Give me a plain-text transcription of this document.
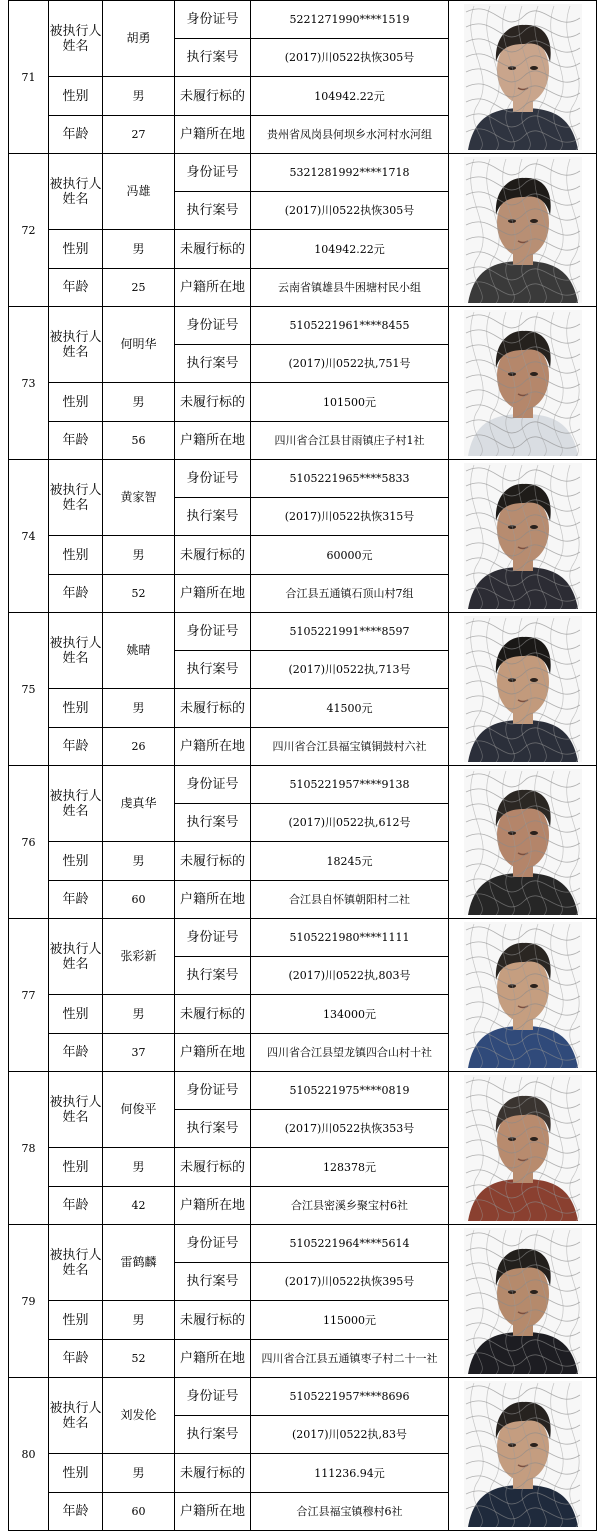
71	被执行人姓名	胡勇	身份证号	5221271990****1519	

			执行案号	(2017)川0522执恢305号	
	性别	男	未履行标的	104942.22元	
	年龄	27	户籍所在地	贵州省凤岗县何坝乡水河村水河组	
72	被执行人姓名	冯雄	身份证号	5321281992****1718	

			执行案号	(2017)川0522执恢305号	
	性别	男	未履行标的	104942.22元	
	年龄	25	户籍所在地	云南省镇雄县牛困塘村民小组	
73	被执行人姓名	何明华	身份证号	5105221961****8455	

			执行案号	(2017)川0522执,751号	
	性别	男	未履行标的	101500元	
	年龄	56	户籍所在地	四川省合江县甘雨镇庄子村1社	
74	被执行人姓名	黄家智	身份证号	5105221965****5833	

			执行案号	(2017)川0522执恢315号	
	性别	男	未履行标的	60000元	
	年龄	52	户籍所在地	合江县五通镇石顶山村7组	
75	被执行人姓名	姚晴	身份证号	5105221991****8597	

			执行案号	(2017)川0522执,713号	
	性别	男	未履行标的	41500元	
	年龄	26	户籍所在地	四川省合江县福宝镇铜鼓村六社	
76	被执行人姓名	虔真华	身份证号	5105221957****9138	

			执行案号	(2017)川0522执,612号	
	性别	男	未履行标的	18245元	
	年龄	60	户籍所在地	合江县自怀镇朝阳村二社	
77	被执行人姓名	张彩新	身份证号	5105221980****1111	

			执行案号	(2017)川0522执,803号	
	性别	男	未履行标的	134000元	
	年龄	37	户籍所在地	四川省合江县望龙镇四合山村十社	
78	被执行人姓名	何俊平	身份证号	5105221975****0819	

			执行案号	(2017)川0522执恢353号	
	性别	男	未履行标的	128378元	
	年龄	42	户籍所在地	合江县密溪乡聚宝村6社	
79	被执行人姓名	雷鹤麟	身份证号	5105221964****5614	

			执行案号	(2017)川0522执恢395号	
	性别	男	未履行标的	115000元	
	年龄	52	户籍所在地	四川省合江县五通镇枣子村二十一社	
80	被执行人姓名	刘发伦	身份证号	5105221957****8696	

			执行案号	(2017)川0522执,83号	
	性别	男	未履行标的	111236.94元	
	年龄	60	户籍所在地	合江县福宝镇穆村6社	
